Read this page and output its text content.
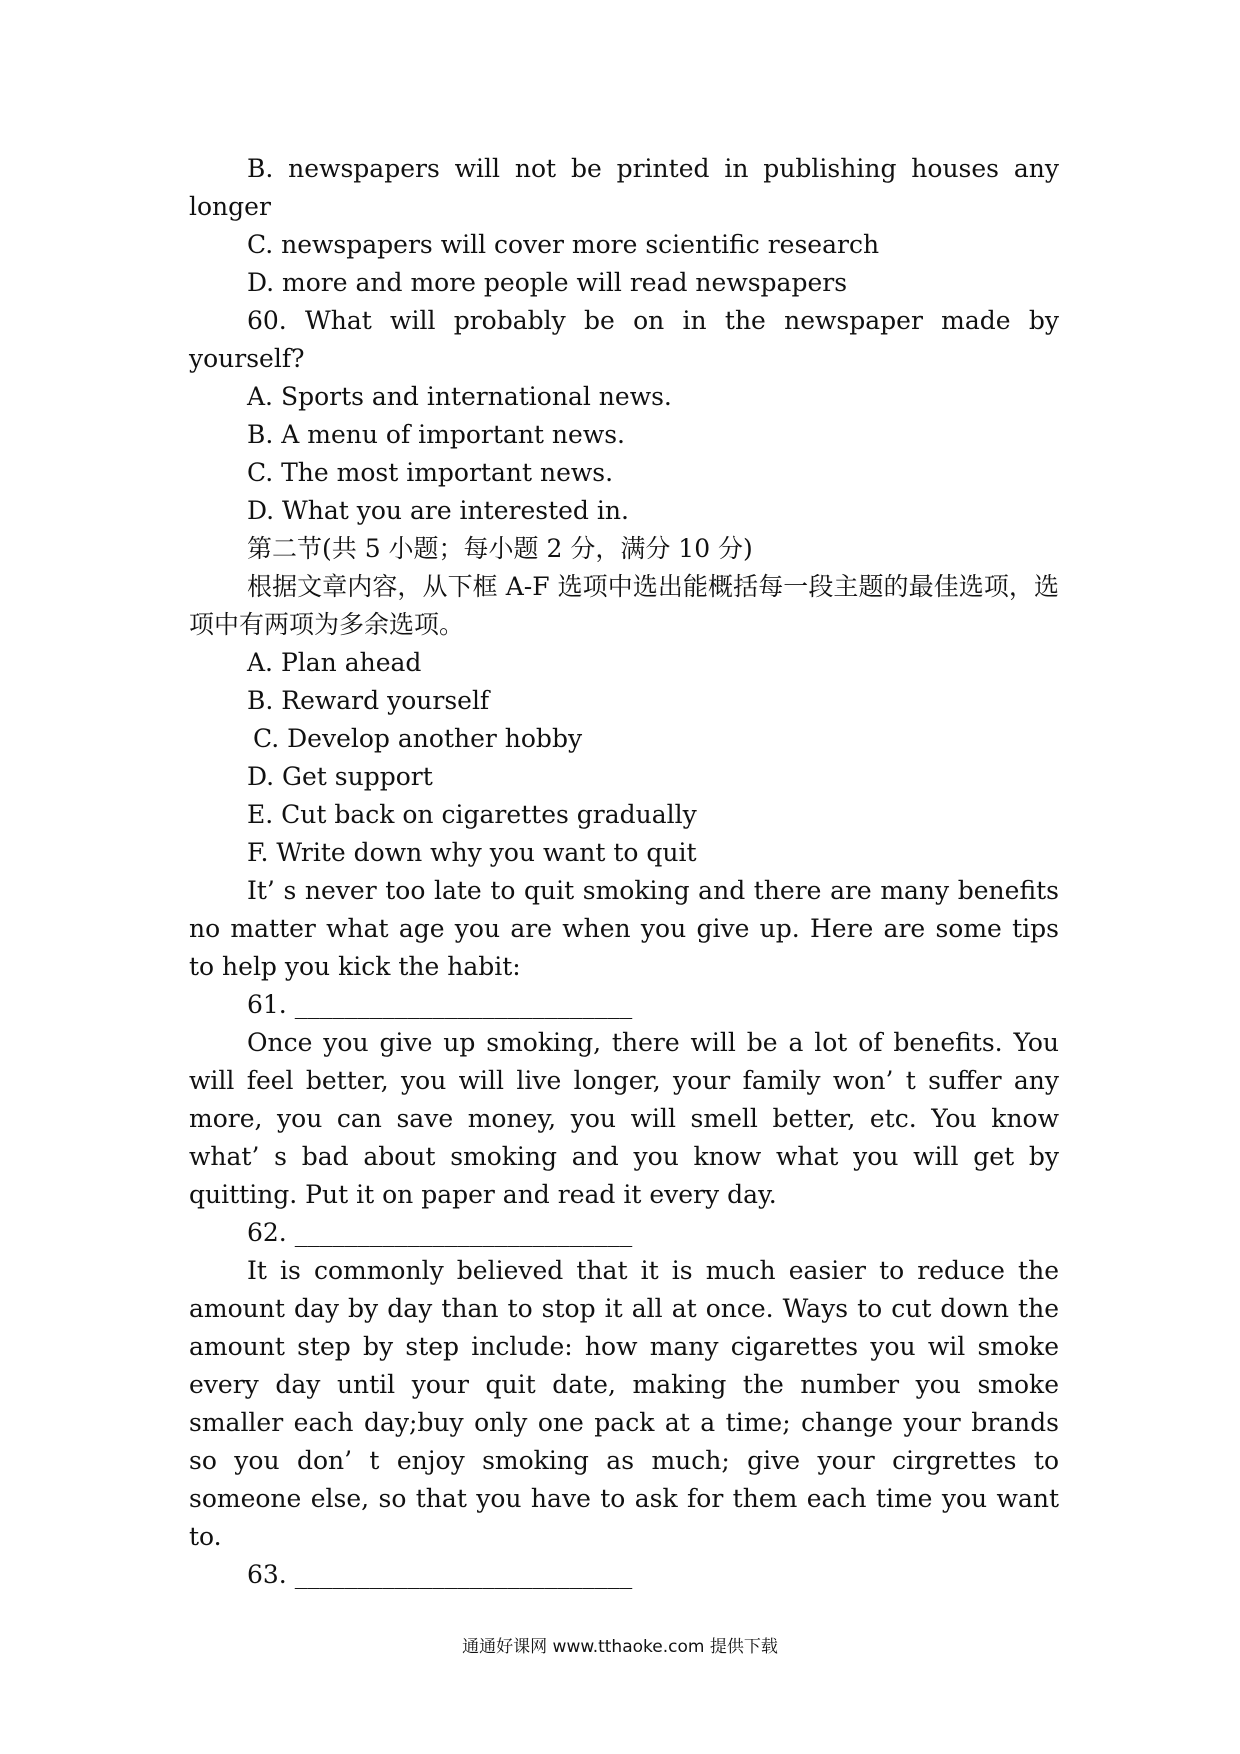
B. newspapers will not be printed in publishing houses any longer

C. newspapers will cover more scientific research

D. more and more people will read newspapers

60. What will probably be on in the newspaper made by yourself?

A. Sports and international news.

B. A menu of important news.

C. The most important news.

D. What you are interested in.

第二节(共 5 小题；每小题 2 分，满分 10 分)

根据文章内容，从下框 A-F 选项中选出能概括每一段主题的最佳选项，选项中有两项为多余选项。

A. Plan ahead

B. Reward yourself

C. Develop another hobby

D. Get support

E. Cut back on cigarettes gradually

F. Write down why you want to quit

It’ s never too late to quit smoking and there are many benefits no matter what age you are when you give up. Here are some tips to help you kick the habit:

61. ___________________________

Once you give up smoking, there will be a lot of benefits. You will feel better, you will live longer, your family won’ t suffer any more, you can save money, you will smell better, etc. You know what’ s bad about smoking and you know what you will get by quitting. Put it on paper and read it every day.

62. ___________________________

It is commonly believed that it is much easier to reduce the amount day by day than to stop it all at once. Ways to cut down the amount step by step include: how many cigarettes you wil smoke every day until your quit date, making the number you smoke smaller each day;buy only one pack at a time; change your brands so you don’ t enjoy smoking as much; give your cirgrettes to someone else, so that you have to ask for them each time you want to.

63. ___________________________

通通好课网 www.tthaoke.com 提供下载
